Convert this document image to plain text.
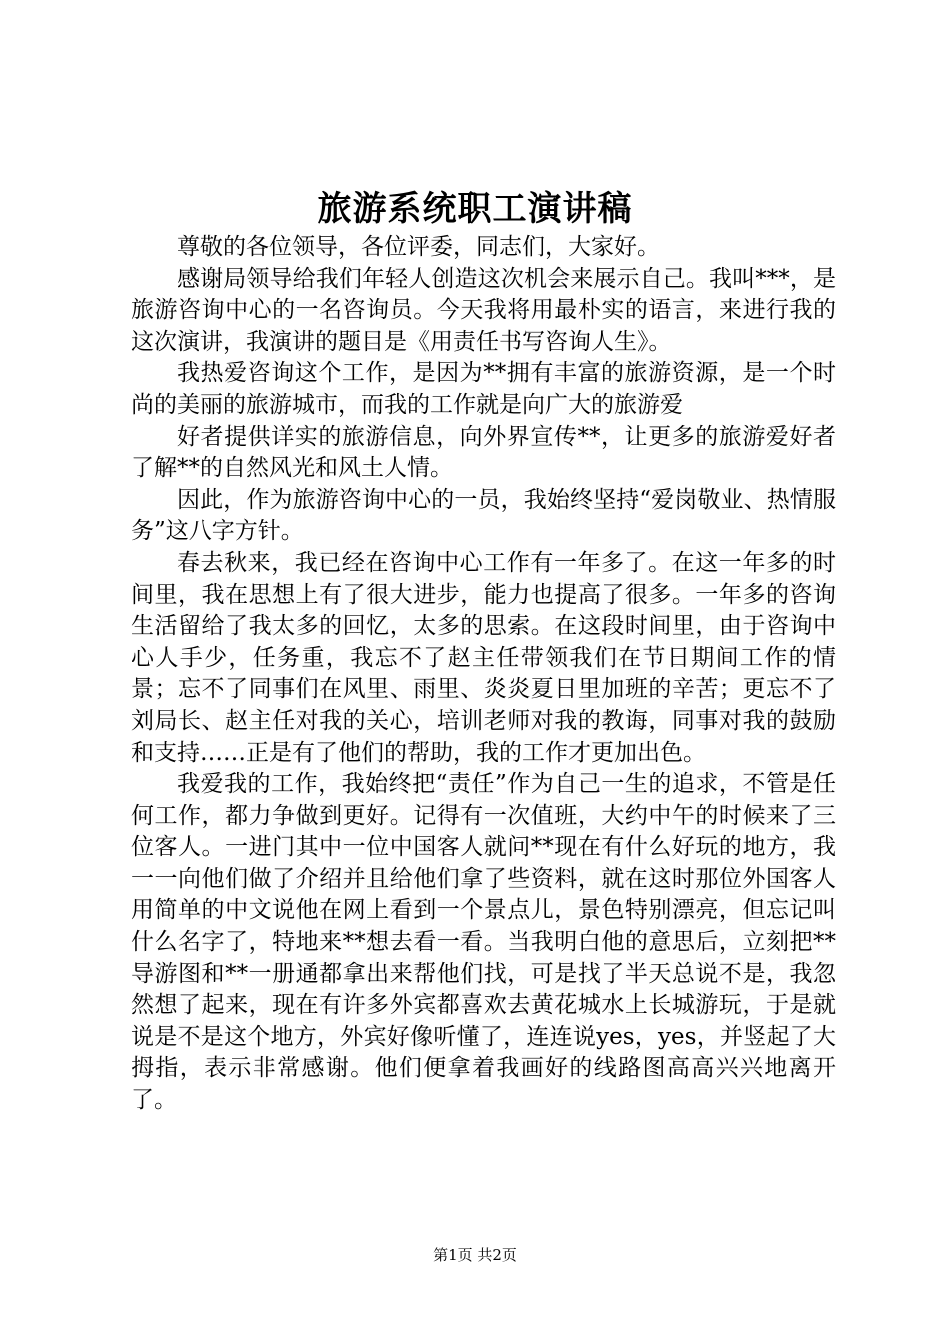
旅游系统职工演讲稿

尊敬的各位领导，各位评委，同志们，大家好。

感谢局领导给我们年轻人创造这次机会来展示自己。我叫***，是旅游咨询中心的一名咨询员。今天我将用最朴实的语言，来进行我的这次演讲，我演讲的题目是《用责任书写咨询人生》。

我热爱咨询这个工作，是因为**拥有丰富的旅游资源，是一个时尚的美丽的旅游城市，而我的工作就是向广大的旅游爱

好者提供详实的旅游信息，向外界宣传**，让更多的旅游爱好者了解**的自然风光和风土人情。

因此，作为旅游咨询中心的一员，我始终坚持“爱岗敬业、热情服务”这八字方针。

春去秋来，我已经在咨询中心工作有一年多了。在这一年多的时间里，我在思想上有了很大进步，能力也提高了很多。一年多的咨询生活留给了我太多的回忆，太多的思索。在这段时间里，由于咨询中心人手少，任务重，我忘不了赵主任带领我们在节日期间工作的情景；忘不了同事们在风里、雨里、炎炎夏日里加班的辛苦；更忘不了刘局长、赵主任对我的关心，培训老师对我的教诲，同事对我的鼓励和支持……正是有了他们的帮助，我的工作才更加出色。

我爱我的工作，我始终把“责任”作为自己一生的追求，不管是任何工作，都力争做到更好。记得有一次值班，大约中午的时候来了三位客人。一进门其中一位中国客人就问**现在有什么好玩的地方，我一一向他们做了介绍并且给他们拿了些资料，就在这时那位外国客人用简单的中文说他在网上看到一个景点儿，景色特别漂亮，但忘记叫什么名字了，特地来**想去看一看。当我明白他的意思后，立刻把**导游图和**一册通都拿出来帮他们找，可是找了半天总说不是，我忽然想了起来，现在有许多外宾都喜欢去黄花城水上长城游玩，于是就说是不是这个地方，外宾好像听懂了，连连说yes，yes，并竖起了大拇指，表示非常感谢。他们便拿着我画好的线路图高高兴兴地离开了。

第1页 共2页
